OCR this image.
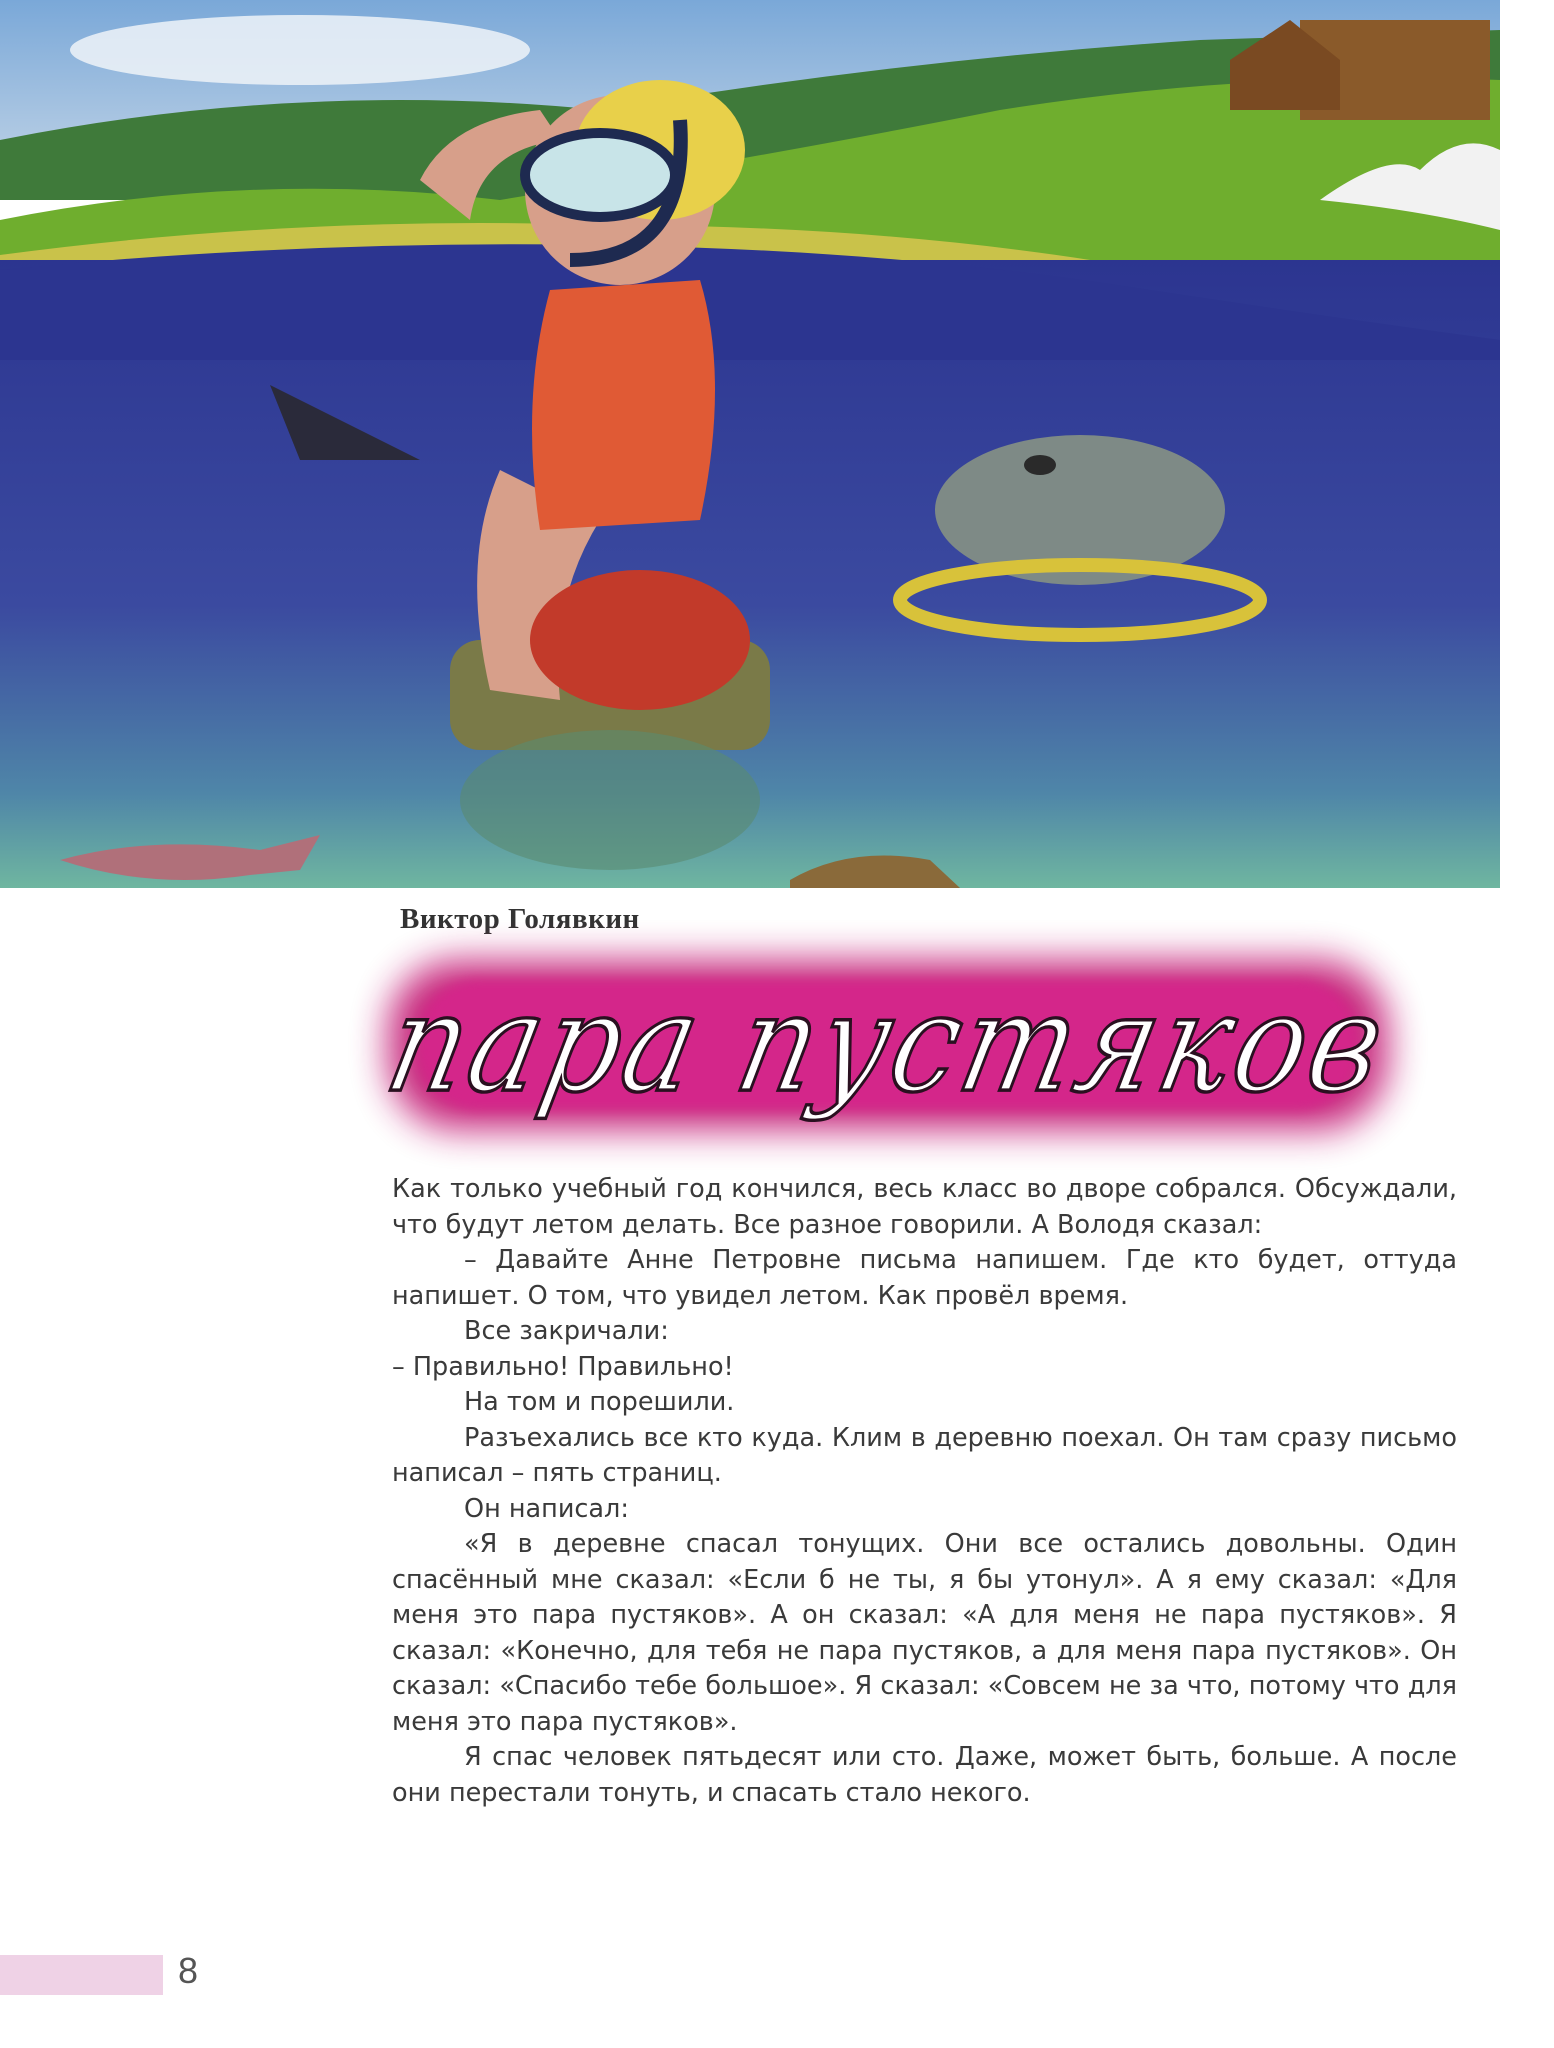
Виктор Голявкин
пара пустяков

Как только учебный год кончился, весь класс во дворе собрался. Обсуждали, что будут летом делать. Все разное говорили. А Володя сказал:

– Давайте Анне Петровне письма напишем. Где кто будет, оттуда напишет. О том, что увидел летом. Как провёл время.

Все закричали:

– Правильно! Правильно!

На том и порешили.

Разъехались все кто куда. Клим в деревню поехал. Он там сразу письмо написал – пять страниц.

Он написал:

«Я в деревне спасал тонущих. Они все остались довольны. Один спасённый мне сказал: «Если б не ты, я бы утонул». А я ему сказал: «Для меня это пара пустяков». А он сказал: «А для меня не пара пустяков». Я сказал: «Конечно, для тебя не пара пустяков, а для меня пара пустяков». Он сказал: «Спасибо тебе большое». Я сказал: «Совсем не за что, потому что для меня это пара пустяков».

Я спас человек пятьдесят или сто. Даже, может быть, больше. А после они перестали тонуть, и спасать стало некого.

8
